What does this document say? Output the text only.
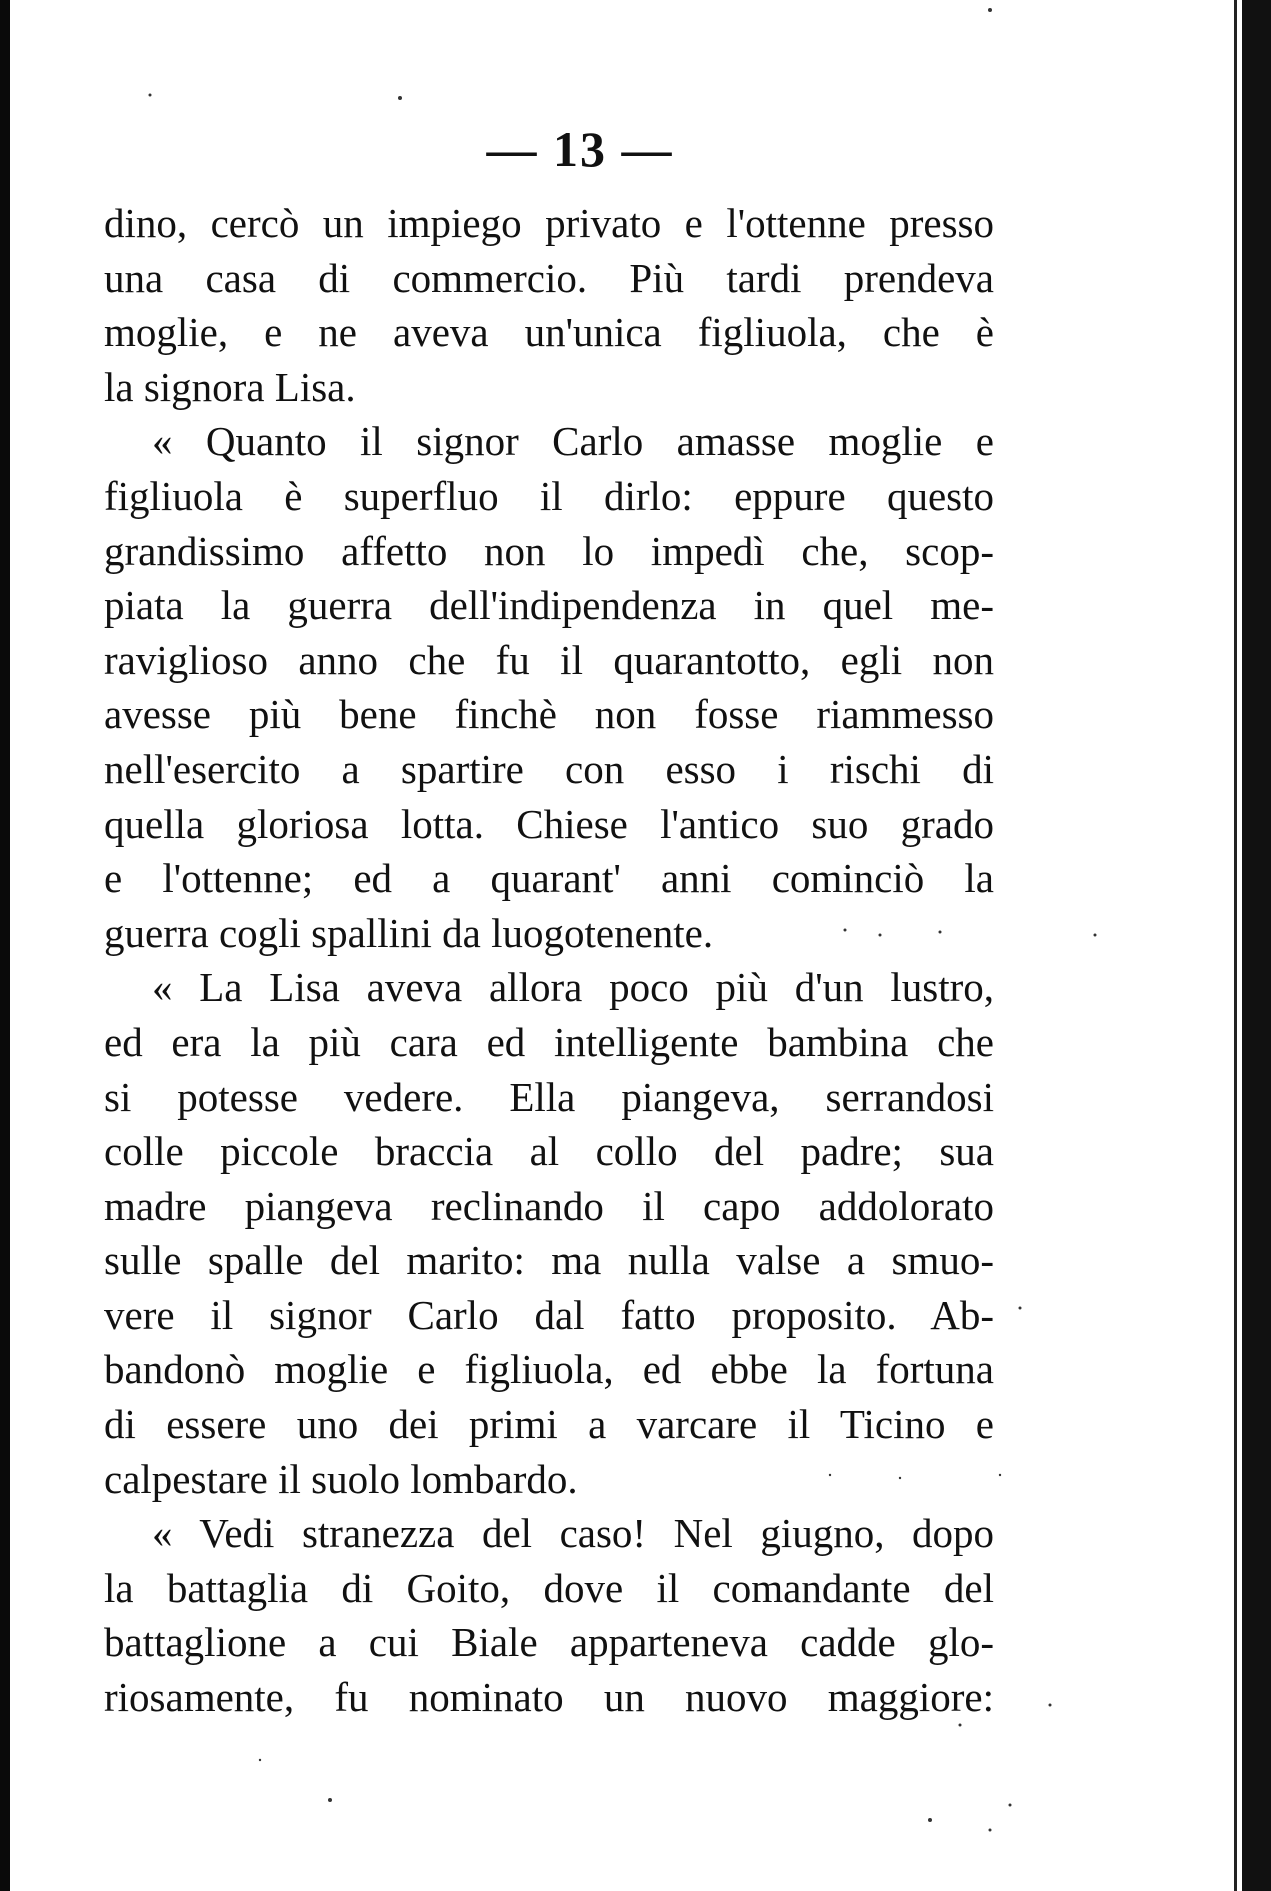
— 13 —
dino, cercò un impiego privato e l'ottenne presso
una casa di commercio. Più tardi prendeva
moglie, e ne aveva un'unica figliuola, che è
la signora Lisa.
« Quanto il signor Carlo amasse moglie e
figliuola è superfluo il dirlo: eppure questo
grandissimo affetto non lo impedì che, scop-
piata la guerra dell'indipendenza in quel me-
raviglioso anno che fu il quarantotto, egli non
avesse più bene finchè non fosse riammesso
nell'esercito a spartire con esso i rischi di
quella gloriosa lotta. Chiese l'antico suo grado
e l'ottenne; ed a quarant' anni cominciò la
guerra cogli spallini da luogotenente.
« La Lisa aveva allora poco più d'un lustro,
ed era la più cara ed intelligente bambina che
si potesse vedere. Ella piangeva, serrandosi
colle piccole braccia al collo del padre; sua
madre piangeva reclinando il capo addolorato
sulle spalle del marito: ma nulla valse a smuo-
vere il signor Carlo dal fatto proposito. Ab-
bandonò moglie e figliuola, ed ebbe la fortuna
di essere uno dei primi a varcare il Ticino e
calpestare il suolo lombardo.
« Vedi stranezza del caso! Nel giugno, dopo
la battaglia di Goito, dove il comandante del
battaglione a cui Biale apparteneva cadde glo-
riosamente, fu nominato un nuovo maggiore:
